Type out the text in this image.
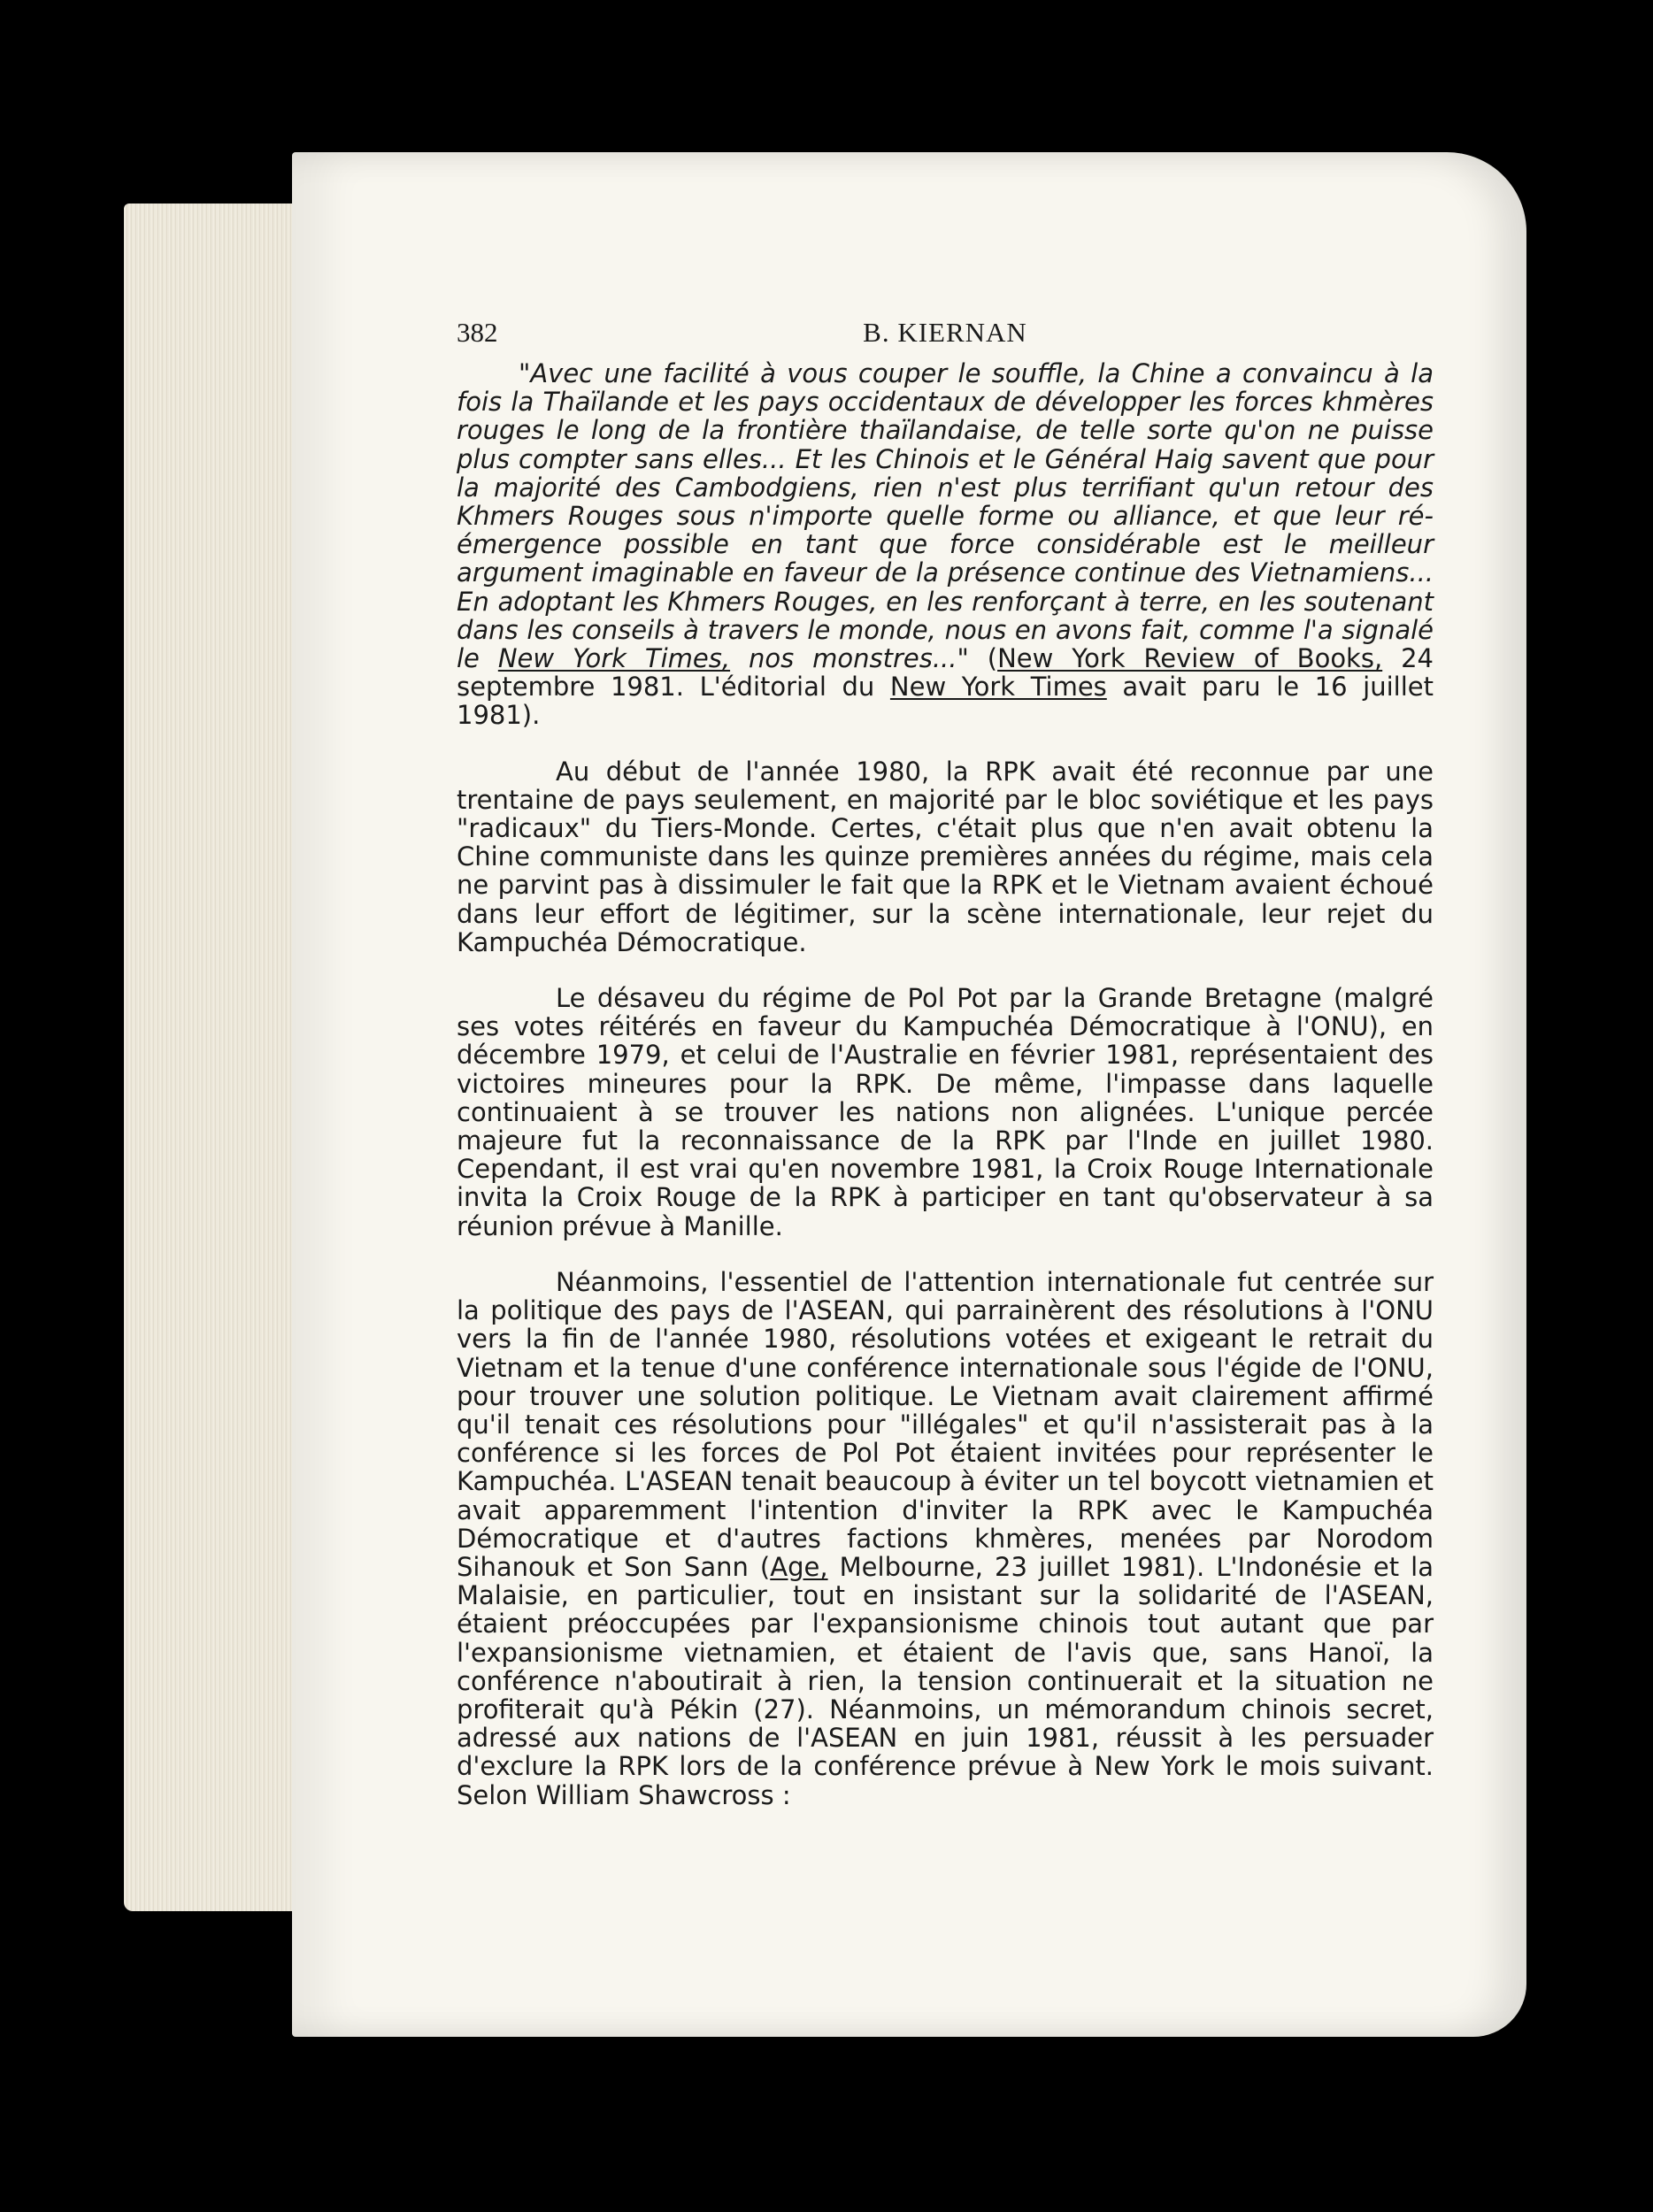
382	B. KIERNAN

"Avec une facilité à vous couper le souffle, la Chine a convaincu à la fois la Thaïlande et les pays occidentaux de développer les forces khmères rouges le long de la frontière thaïlandaise, de telle sorte qu'on ne puisse plus compter sans elles... Et les Chinois et le Général Haig savent que pour la majorité des Cambodgiens, rien n'est plus terrifiant qu'un retour des Khmers Rouges sous n'importe quelle forme ou alliance, et que leur ré-émergence possible en tant que force considérable est le meilleur argument imaginable en faveur de la présence continue des Vietnamiens... En adoptant les Khmers Rouges, en les renforçant à terre, en les soutenant dans les conseils à travers le monde, nous en avons fait, comme l'a signalé le New York Times, nos monstres..." (New York Review of Books, 24 septembre 1981. L'éditorial du New York Times avait paru le 16 juillet 1981).

Au début de l'année 1980, la RPK avait été reconnue par une trentaine de pays seulement, en majorité par le bloc soviétique et les pays "radicaux" du Tiers-Monde. Certes, c'était plus que n'en avait obtenu la Chine communiste dans les quinze premières années du régime, mais cela ne parvint pas à dissimuler le fait que la RPK et le Vietnam avaient échoué dans leur effort de légitimer, sur la scène internationale, leur rejet du Kampuchéa Démocratique.

Le désaveu du régime de Pol Pot par la Grande Bretagne (malgré ses votes réitérés en faveur du Kampuchéa Démocratique à l'ONU), en décembre 1979, et celui de l'Australie en février 1981, représentaient des victoires mineures pour la RPK. De même, l'impasse dans laquelle continuaient à se trouver les nations non alignées. L'unique percée majeure fut la reconnaissance de la RPK par l'Inde en juillet 1980. Cependant, il est vrai qu'en novembre 1981, la Croix Rouge Internationale invita la Croix Rouge de la RPK à participer en tant qu'observateur à sa réunion prévue à Manille.

Néanmoins, l'essentiel de l'attention internationale fut centrée sur la politique des pays de l'ASEAN, qui parrainèrent des résolutions à l'ONU vers la fin de l'année 1980, résolutions votées et exigeant le retrait du Vietnam et la tenue d'une conférence internationale sous l'égide de l'ONU, pour trouver une solution politique. Le Vietnam avait clairement affirmé qu'il tenait ces résolutions pour "illégales" et qu'il n'assisterait pas à la conférence si les forces de Pol Pot étaient invitées pour représenter le Kampuchéa. L'ASEAN tenait beaucoup à éviter un tel boycott vietnamien et avait apparemment l'intention d'inviter la RPK avec le Kampuchéa Démocratique et d'autres factions khmères, menées par Norodom Sihanouk et Son Sann (Age, Melbourne, 23 juillet 1981). L'Indonésie et la Malaisie, en particulier, tout en insistant sur la solidarité de l'ASEAN, étaient préoccupées par l'expansionisme chinois tout autant que par l'expansionisme vietnamien, et étaient de l'avis que, sans Hanoï, la conférence n'aboutirait à rien, la tension continuerait et la situation ne profiterait qu'à Pékin (27). Néanmoins, un mémorandum chinois secret, adressé aux nations de l'ASEAN en juin 1981, réussit à les persuader d'exclure la RPK lors de la conférence prévue à New York le mois suivant. Selon William Shawcross :
